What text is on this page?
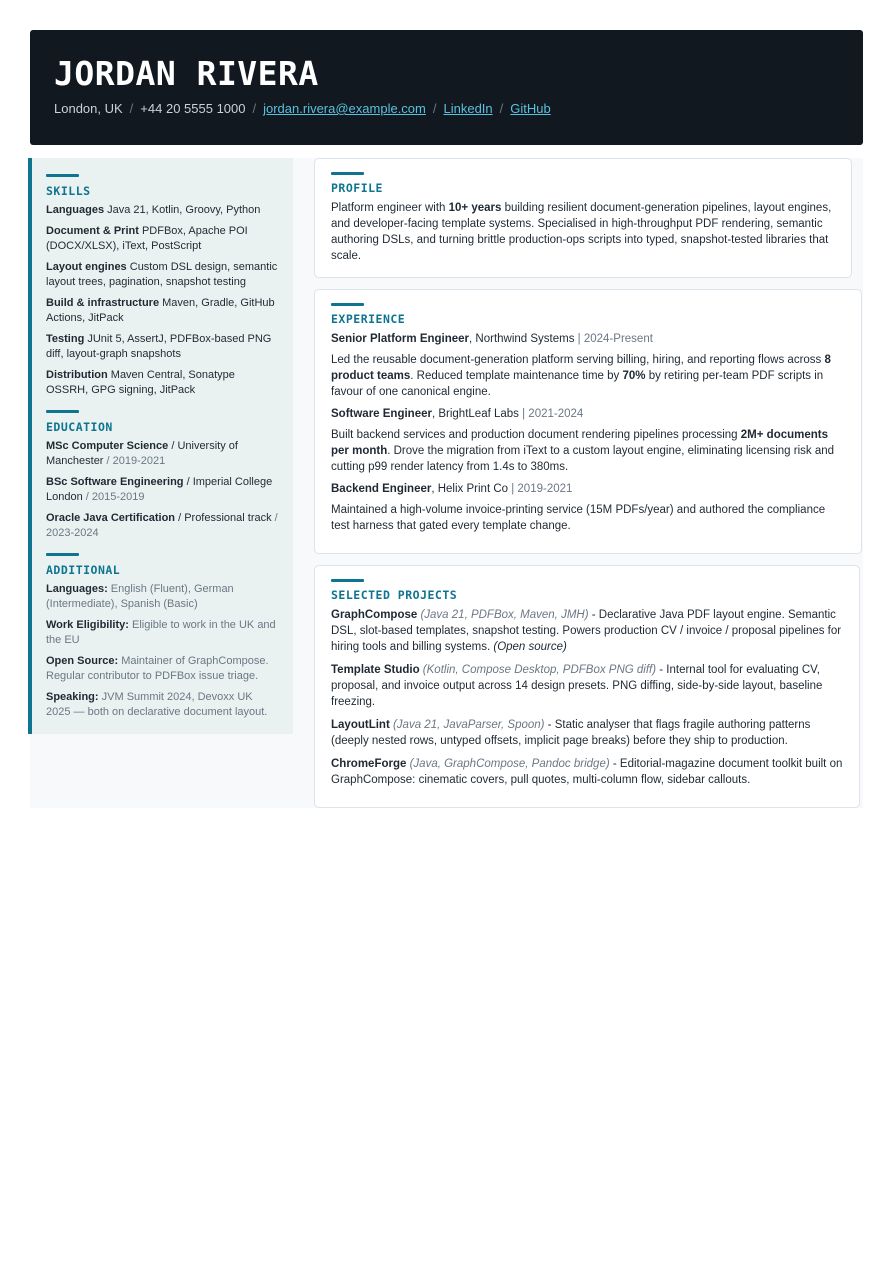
JORDAN RIVERA
London, UK / +44 20 5555 1000 / jordan.rivera@example.com / LinkedIn / GitHub
SKILLS
Languages Java 21, Kotlin, Groovy, Python
Document & Print PDFBox, Apache POI (DOCX/XLSX), iText, PostScript
Layout engines Custom DSL design, semantic layout trees, pagination, snapshot testing
Build & infrastructure Maven, Gradle, GitHub Actions, JitPack
Testing JUnit 5, AssertJ, PDFBox-based PNG diff, layout-graph snapshots
Distribution Maven Central, Sonatype OSSRH, GPG signing, JitPack
EDUCATION
MSc Computer Science / University of Manchester / 2019-2021
BSc Software Engineering / Imperial College London / 2015-2019
Oracle Java Certification / Professional track / 2023-2024
ADDITIONAL
Languages: English (Fluent), German (Intermediate), Spanish (Basic)
Work Eligibility: Eligible to work in the UK and the EU
Open Source: Maintainer of GraphCompose. Regular contributor to PDFBox issue triage.
Speaking: JVM Summit 2024, Devoxx UK 2025 — both on declarative document layout.
PROFILE
Platform engineer with 10+ years building resilient document-generation pipelines, layout engines, and developer-facing template systems. Specialised in high-throughput PDF rendering, semantic authoring DSLs, and turning brittle production-ops scripts into typed, snapshot-tested libraries that scale.
EXPERIENCE
Senior Platform Engineer, Northwind Systems | 2024-Present
Led the reusable document-generation platform serving billing, hiring, and reporting flows across 8 product teams. Reduced template maintenance time by 70% by retiring per-team PDF scripts in favour of one canonical engine.
Software Engineer, BrightLeaf Labs | 2021-2024
Built backend services and production document rendering pipelines processing 2M+ documents per month. Drove the migration from iText to a custom layout engine, eliminating licensing risk and cutting p99 render latency from 1.4s to 380ms.
Backend Engineer, Helix Print Co | 2019-2021
Maintained a high-volume invoice-printing service (15M PDFs/year) and authored the compliance test harness that gated every template change.
SELECTED PROJECTS
GraphCompose (Java 21, PDFBox, Maven, JMH) - Declarative Java PDF layout engine. Semantic DSL, slot-based templates, snapshot testing. Powers production CV / invoice / proposal pipelines for hiring tools and billing systems. (Open source)
Template Studio (Kotlin, Compose Desktop, PDFBox PNG diff) - Internal tool for evaluating CV, proposal, and invoice output across 14 design presets. PNG diffing, side-by-side layout, baseline freezing.
LayoutLint (Java 21, JavaParser, Spoon) - Static analyser that flags fragile authoring patterns (deeply nested rows, untyped offsets, implicit page breaks) before they ship to production.
ChromeForge (Java, GraphCompose, Pandoc bridge) - Editorial-magazine document toolkit built on GraphCompose: cinematic covers, pull quotes, multi-column flow, sidebar callouts.
